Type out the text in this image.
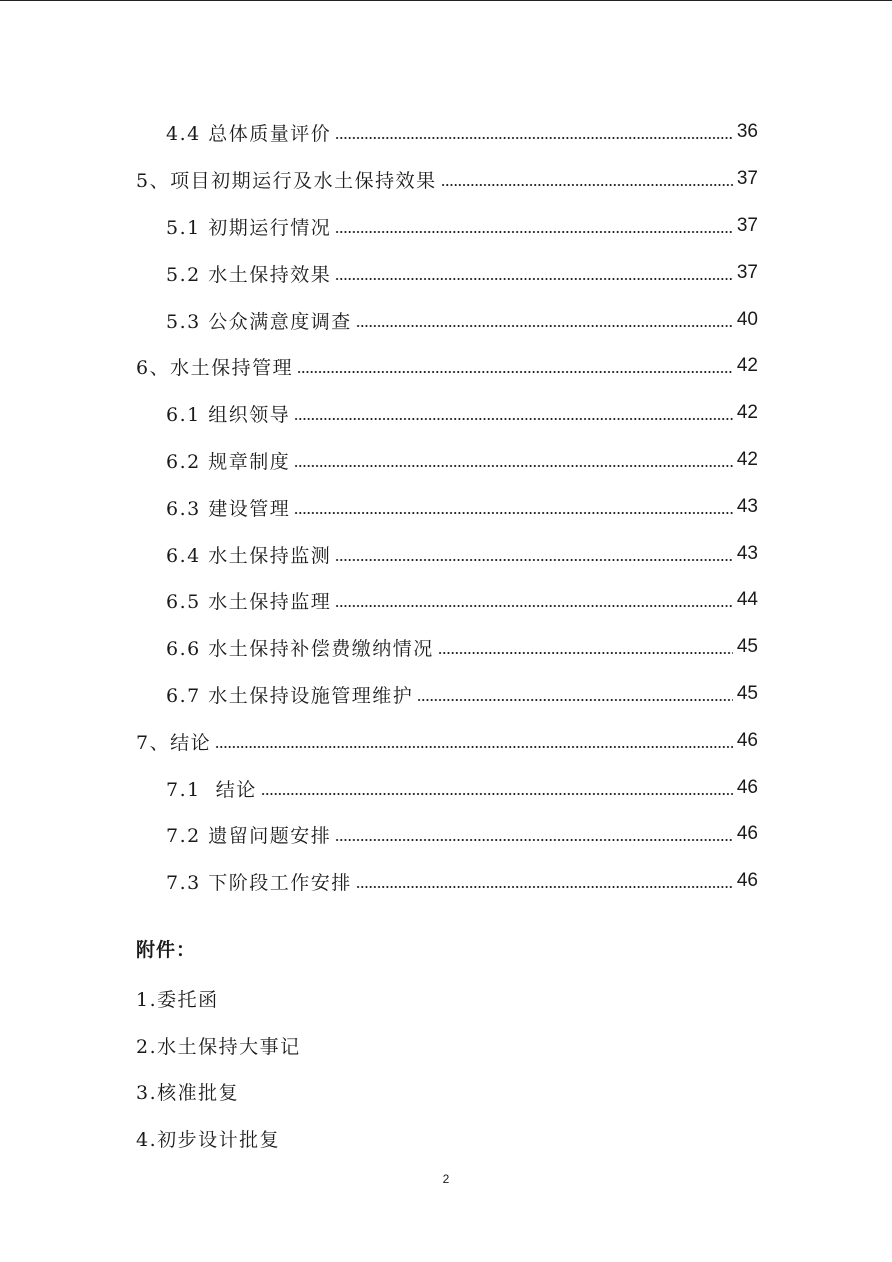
4.4 总体质量评价	36
5、项目初期运行及水土保持效果	37
5.1 初期运行情况	37
5.2 水土保持效果	37
5.3 公众满意度调查	40
6、水土保持管理	42
6.1 组织领导	42
6.2 规章制度	42
6.3 建设管理	43
6.4 水土保持监测	43
6.5 水土保持监理	44
6.6 水土保持补偿费缴纳情况	45
6.7 水土保持设施管理维护	45
7、结论	46
7.1  结论	46
7.2 遗留问题安排	46
7.3 下阶段工作安排	46
附件：
1.委托函
2.水土保持大事记
3.核准批复
4.初步设计批复
2
